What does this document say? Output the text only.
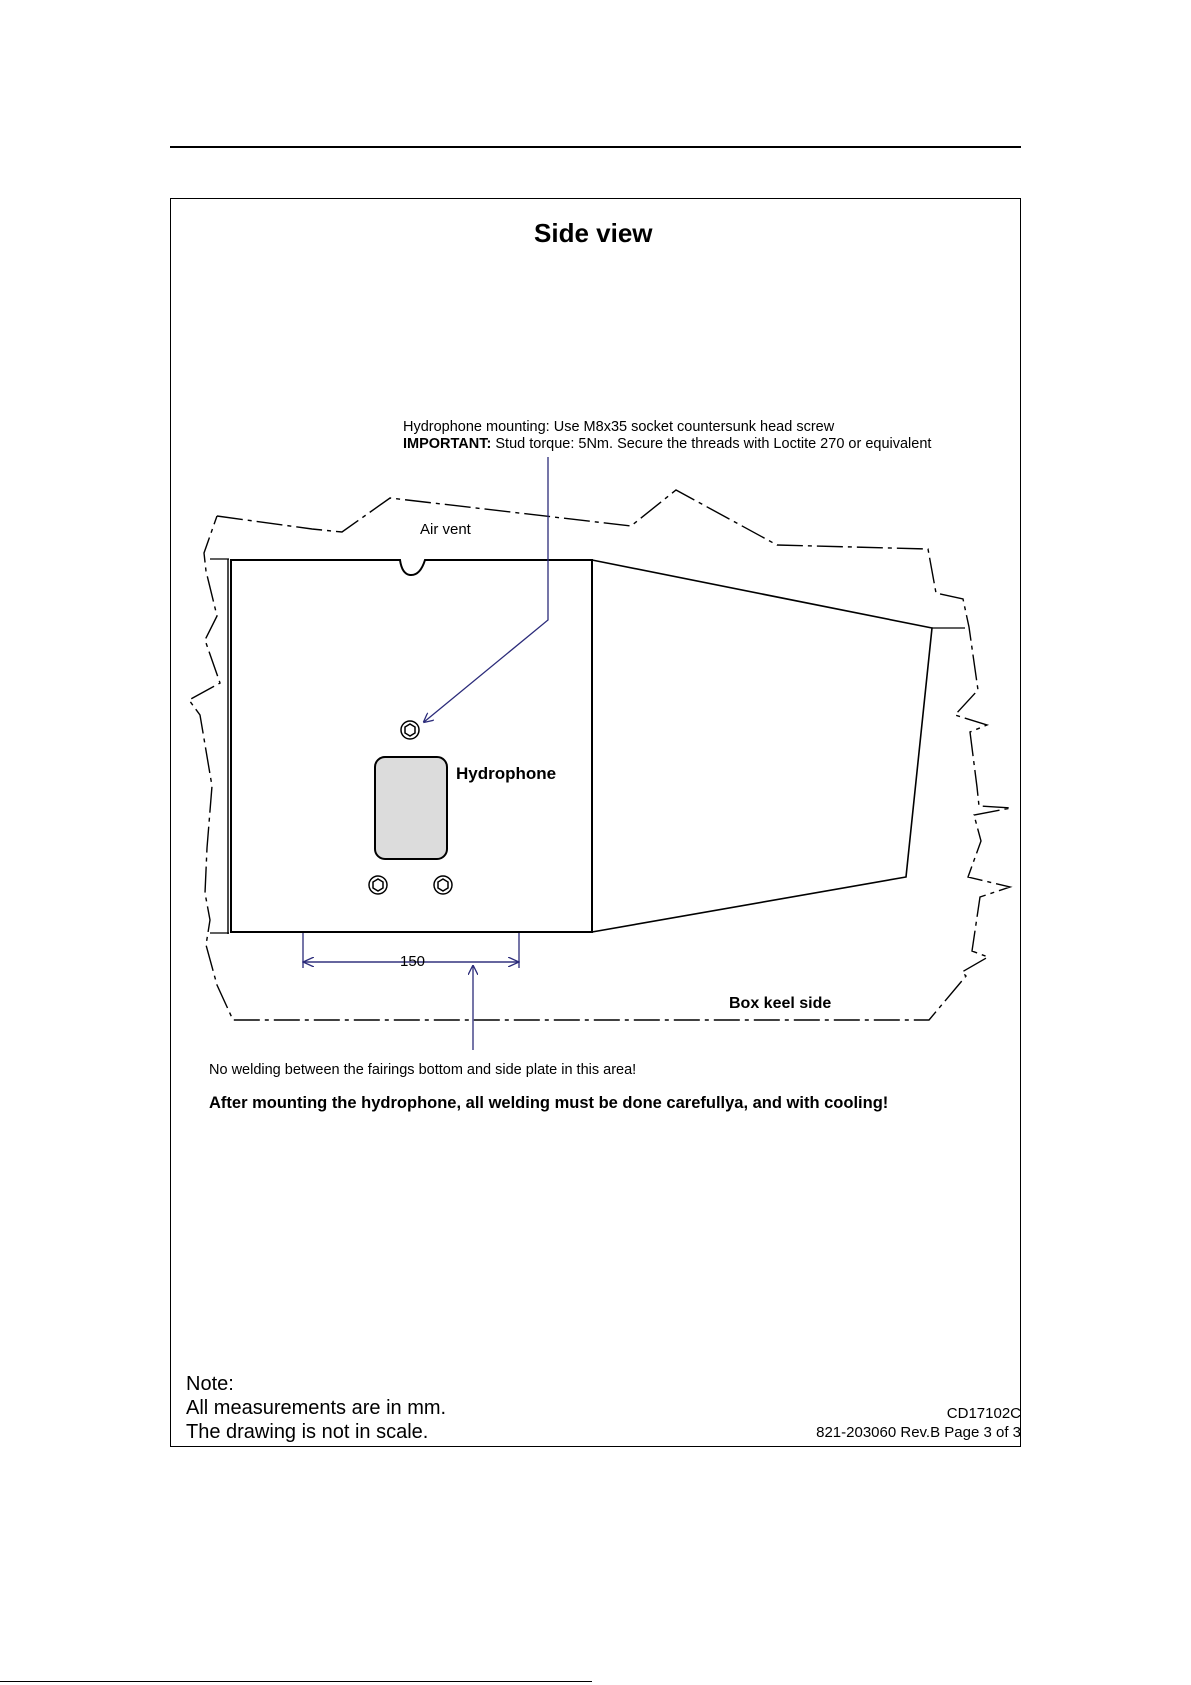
Side view
Hydrophone mounting: Use M8x35 socket countersunk head screw
IMPORTANT: Stud torque: 5Nm. Secure the threads with Loctite 270 or equivalent
Air vent
Hydrophone
150
Box keel side
No welding between the fairings bottom and side plate in this area!
After mounting the hydrophone, all welding must be done carefullya, and with cooling!
Note:
All measurements are in mm.
The drawing is not in scale.
CD17102C
821-203060 Rev.B Page 3 of 3
